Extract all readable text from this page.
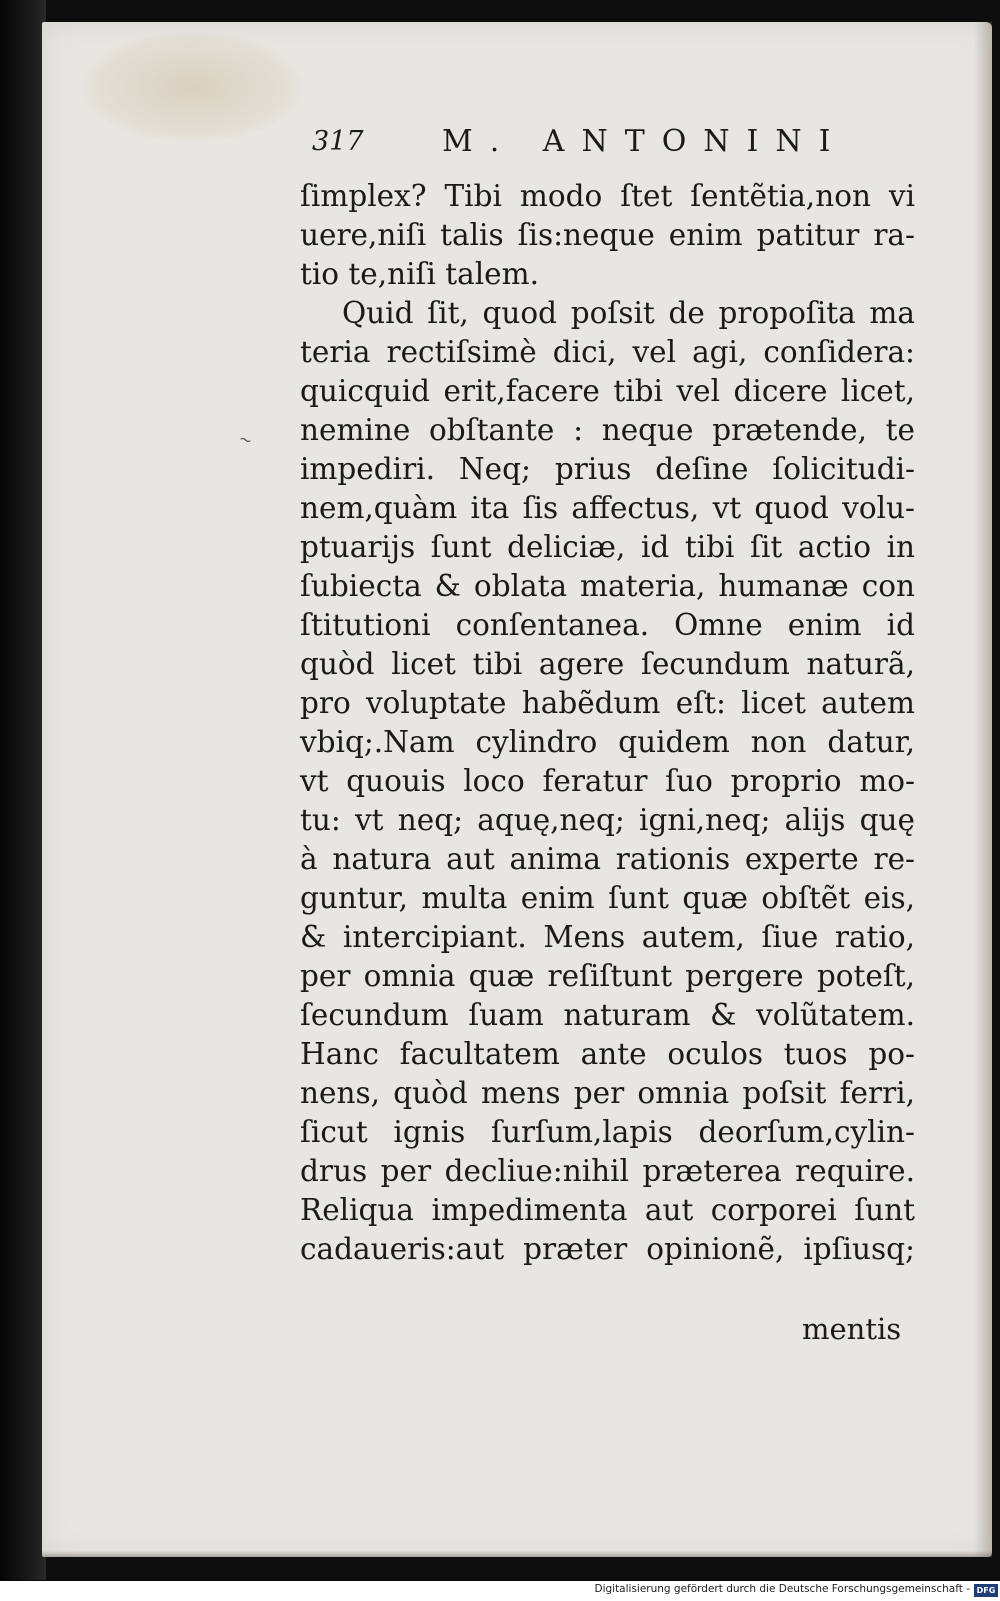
317	M. ANTONINI
~
ſimplex? Tibi modo ſtet ſentẽtia,non vi
uere,niſi talis ſis:neque enim patitur ra-
tio te,niſi talem.
Quid ſit, quod poſsit de propoſita ma
teria rectiſsimè dici, vel agi, conſidera:
quicquid erit,facere tibi vel dicere licet,
nemine obſtante : neque prætende, te
impediri. Neq; prius deſine ſolicitudi-
nem,quàm ita ſis affectus, vt quod volu-
ptuarijs ſunt deliciæ, id tibi ſit actio in
ſubiecta & oblata materia, humanæ con
ſtitutioni conſentanea. Omne enim id
quòd licet tibi agere ſecundum naturã,
pro voluptate habẽdum eſt: licet autem
vbiq;.Nam cylindro quidem non datur,
vt quouis loco feratur ſuo proprio mo-
tu: vt neq; aquę,neq; igni,neq; alijs quę
à natura aut anima rationis experte re-
guntur, multa enim ſunt quæ obſtẽt eis,
& intercipiant. Mens autem, ſiue ratio,
per omnia quæ reſiſtunt pergere poteſt,
ſecundum ſuam naturam & volũtatem.
Hanc facultatem ante oculos tuos po-
nens, quòd mens per omnia poſsit ferri,
ſicut ignis ſurſum,lapis deorſum,cylin-
drus per decliue:nihil præterea require.
Reliqua impedimenta aut corporei ſunt
cadaueris:aut præter opinionẽ, ipſiusq;
mentis
Digitalisierung gefördert durch die Deutsche Forschungsgemeinschaft - DFG
